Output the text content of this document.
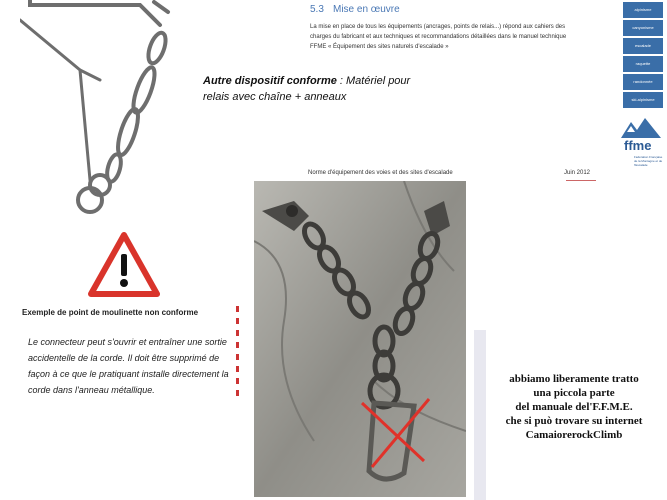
5.3 Mise en œuvre
La mise en place de tous les équipements (ancrages, points de relais...) répond aux cahiers des
charges du fabricant et aux techniques et recommandations détaillées dans le manuel technique
FFME « Équipement des sites naturels d'escalade »
alpinisme
canyonisme
escalade
raquette
randonnée
ski-alpinisme
ffme
Fédération Française de la Montagne et de l'Escalade
Autre dispositif conforme : Matériel pour relais avec chaîne + anneaux
Norme d'équipement des voies et des sites d'escalade	Juin 2012
Exemple de point de moulinette non conforme
Le connecteur peut s'ouvrir et entraîner une sortie accidentelle de la corde. Il doit être supprimé de façon à ce que le pratiquant installe directement la corde dans l'anneau métallique.
abbiamo liberamente tratto
una piccola parte
del manuale del'F.F.M.E.
che si può trovare su internet
CamaiorerockClimb
